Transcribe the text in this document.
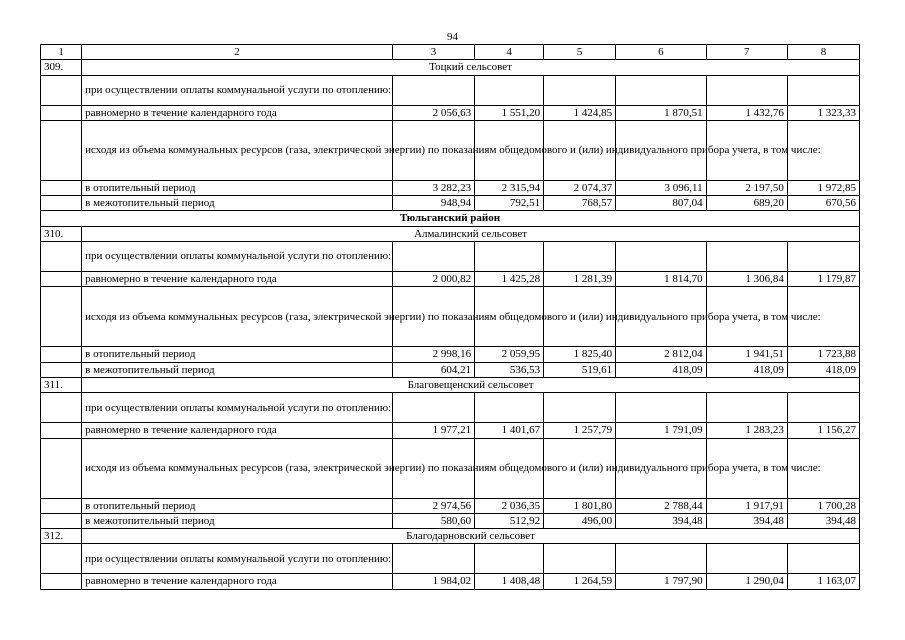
94
1	2	3	4	5	6	7	8
309.	Тоцкий сельсовет						
	при осуществлении оплаты коммунальной услуги по отоплению:						
	равномерно в течение календарного года	2 056,63	1 551,20	1 424,85	1 870,51	1 432,76	1 323,33
	исходя из объема коммунальных ресурсов (газа, электрической энергии) по показаниям общедомового и (или) индивидуального прибора учета, в том числе:						
	в отопительный период	3 282,23	2 315,94	2 074,37	3 096,11	2 197,50	1 972,85
	в межотопительный период	948,94	792,51	768,57	807,04	689,20	670,56
Тюльганский район							
310.	Алмалинский сельсовет						
	при осуществлении оплаты коммунальной услуги по отоплению:						
	равномерно в течение календарного года	2 000,82	1 425,28	1 281,39	1 814,70	1 306,84	1 179,87
	исходя из объема коммунальных ресурсов (газа, электрической энергии) по показаниям общедомового и (или) индивидуального прибора учета, в том числе:						
	в отопительный период	2 998,16	2 059,95	1 825,40	2 812,04	1 941,51	1 723,88
	в межотопительный период	604,21	536,53	519,61	418,09	418,09	418,09
311.	Благовещенский сельсовет						
	при осуществлении оплаты коммунальной услуги по отоплению:						
	равномерно в течение календарного года	1 977,21	1 401,67	1 257,79	1 791,09	1 283,23	1 156,27
	исходя из объема коммунальных ресурсов (газа, электрической энергии) по показаниям общедомового и (или) индивидуального прибора учета, в том числе:						
	в отопительный период	2 974,56	2 036,35	1 801,80	2 788,44	1 917,91	1 700,28
	в межотопительный период	580,60	512,92	496,00	394,48	394,48	394,48
312.	Благодарновский сельсовет						
	при осуществлении оплаты коммунальной услуги по отоплению:						
	равномерно в течение календарного года	1 984,02	1 408,48	1 264,59	1 797,90	1 290,04	1 163,07
